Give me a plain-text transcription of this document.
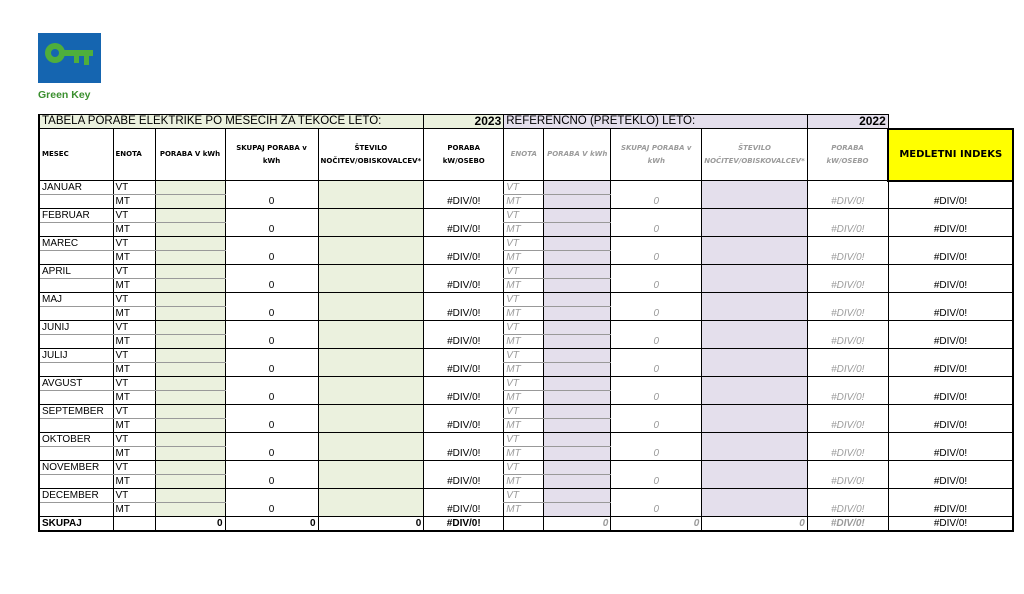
Green Key
TABELA PORABE ELEKTRIKE PO MESECIH ZA TEKOČE LETO:					2023	REFERENČNO (PRETEKLO) LETO:				2022	
MESEC	ENOTA	PORABA V kWh	SKUPAJ PORABA v kWh	ŠTEVILO NOČITEV/OBISKOVALCEV*	PORABA kW/OSEBO	ENOTA	PORABA V kWh	SKUPAJ PORABA v kWh	ŠTEVILO NOČITEV/OBISKOVALCEV*	PORABA kW/OSEBO	MEDLETNI INDEKS
JANUAR	VT					VT					
	MT		0		#DIV/0!	MT		0		#DIV/0!	#DIV/0!
FEBRUAR	VT					VT					
	MT		0		#DIV/0!	MT		0		#DIV/0!	#DIV/0!
MAREC	VT					VT					
	MT		0		#DIV/0!	MT		0		#DIV/0!	#DIV/0!
APRIL	VT					VT					
	MT		0		#DIV/0!	MT		0		#DIV/0!	#DIV/0!
MAJ	VT					VT					
	MT		0		#DIV/0!	MT		0		#DIV/0!	#DIV/0!
JUNIJ	VT					VT					
	MT		0		#DIV/0!	MT		0		#DIV/0!	#DIV/0!
JULIJ	VT					VT					
	MT		0		#DIV/0!	MT		0		#DIV/0!	#DIV/0!
AVGUST	VT					VT					
	MT		0		#DIV/0!	MT		0		#DIV/0!	#DIV/0!
SEPTEMBER	VT					VT					
	MT		0		#DIV/0!	MT		0		#DIV/0!	#DIV/0!
OKTOBER	VT					VT					
	MT		0		#DIV/0!	MT		0		#DIV/0!	#DIV/0!
NOVEMBER	VT					VT					
	MT		0		#DIV/0!	MT		0		#DIV/0!	#DIV/0!
DECEMBER	VT					VT					
	MT		0		#DIV/0!	MT		0		#DIV/0!	#DIV/0!
SKUPAJ		0	0	0	#DIV/0!		0	0	0	#DIV/0!	#DIV/0!
